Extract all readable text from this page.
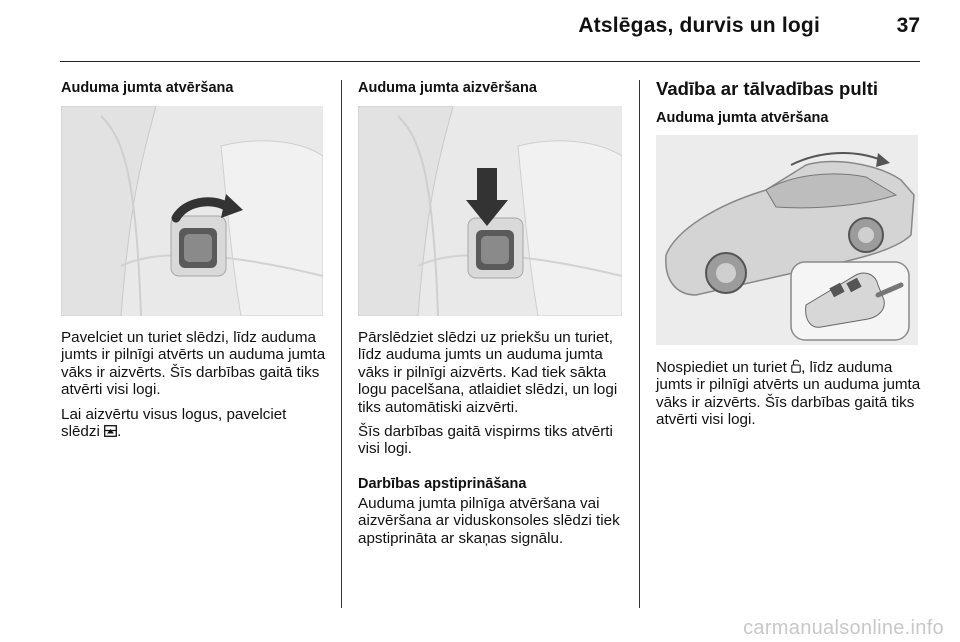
Atslēgas, durvis un logi	37
Auduma jumta atvēršana

Pavelciet un turiet slēdzi, līdz auduma jumts ir pilnīgi atvērts un auduma jumta vāks ir aizvērts. Šīs darbības gaitā tiks atvērti visi logi.

Lai aizvērtu visus logus, pavelciet slēdzi .

Auduma jumta aizvēršana

Pārslēdziet slēdzi uz priekšu un turiet, līdz auduma jumts un auduma jumta vāks ir pilnīgi aizvērts. Kad tiek sākta logu pacelšana, atlaidiet slēdzi, un logi tiks automātiski aizvērti.

Šīs darbības gaitā vispirms tiks atvērti visi logi.

Darbības apstiprināšana

Auduma jumta pilnīga atvēršana vai aizvēršana ar viduskonsoles slēdzi tiek apstiprināta ar skaņas signālu.

Vadība ar tālvadības pulti
Auduma jumta atvēršana

Nospiediet un turiet , līdz auduma jumts ir pilnīgi atvērts un auduma jumta vāks ir aizvērts. Šīs darbības gaitā tiks atvērti visi logi.

carmanualsonline.info
